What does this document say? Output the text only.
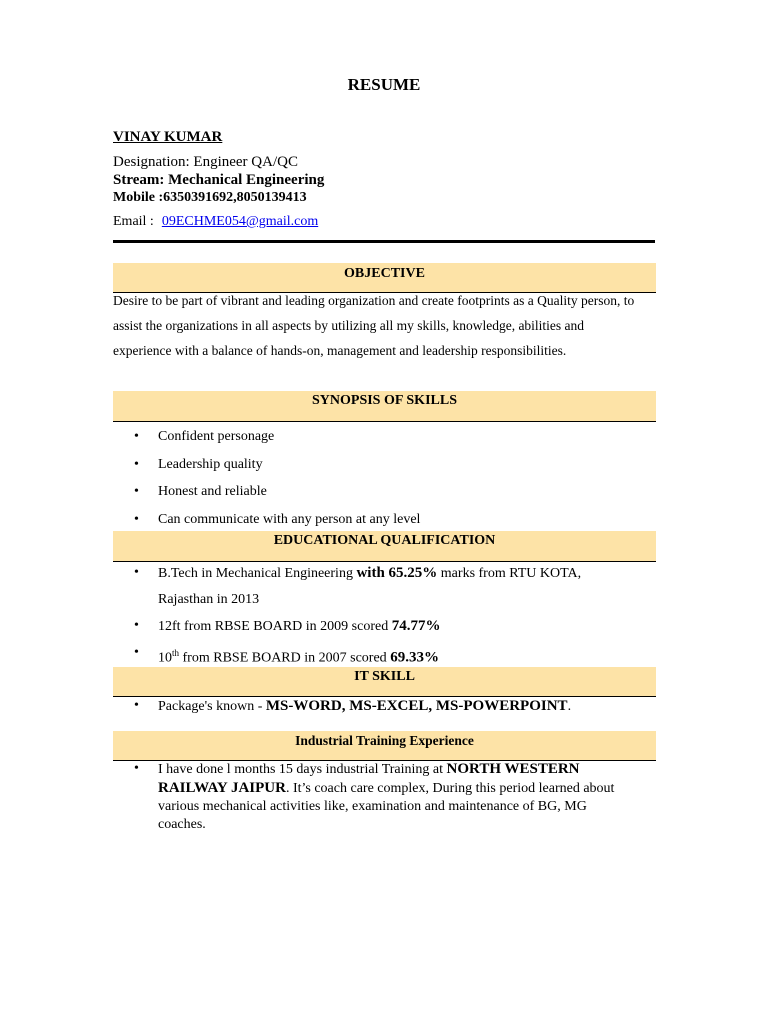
RESUME
VINAY KUMAR
Designation: Engineer QA/QC
Stream: Mechanical Engineering
Mobile :6350391692,8050139413
Email : 09ECHME054@gmail.com
OBJECTIVE
Desire to be part of vibrant and leading organization and create footprints as a Quality person, to
assist the organizations in all aspects by utilizing all my skills, knowledge, abilities and
experience with a balance of hands-on, management and leadership responsibilities.
SYNOPSIS OF SKILLS
• Confident personage
• Leadership quality
• Honest and reliable
• Can communicate with any person at any level
EDUCATIONAL QUALIFICATION
• B.Tech in Mechanical Engineering with 65.25% marks from RTU KOTA,
Rajasthan in 2013
• 12ft from RBSE BOARD in 2009 scored 74.77%
• 10th from RBSE BOARD in 2007 scored 69.33%
IT SKILL
• Package's known - MS-WORD, MS-EXCEL, MS-POWERPOINT.
Industrial Training Experience
• I have done l months 15 days industrial Training at NORTH WESTERN
RAILWAY JAIPUR. It’s coach care complex, During this period learned about
various mechanical activities like, examination and maintenance of BG, MG
coaches.
